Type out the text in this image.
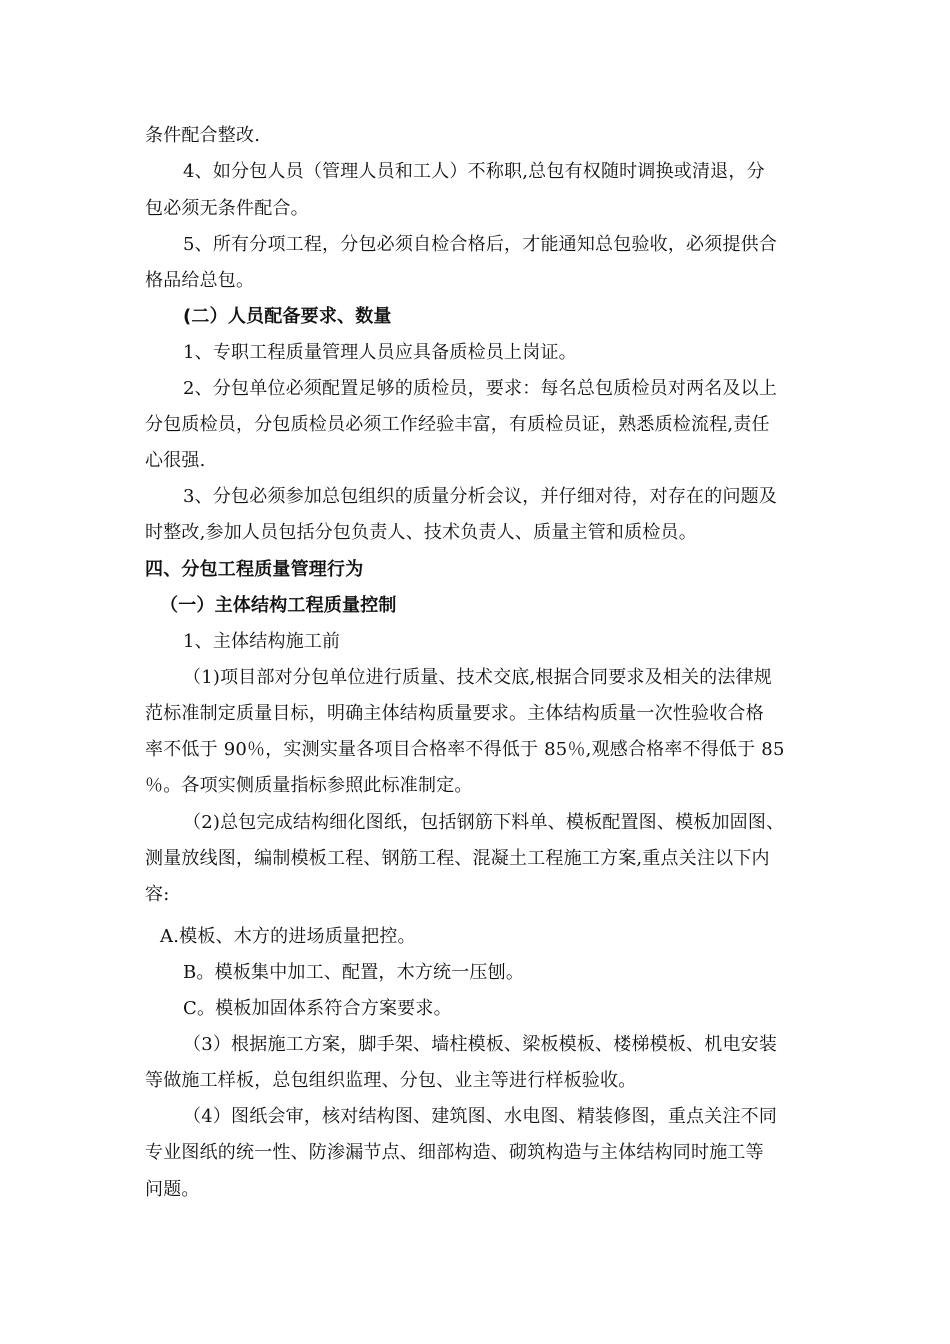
条件配合整改.
4、如分包人员（管理人员和工人）不称职,总包有权随时调换或清退，分
包必须无条件配合。
5、所有分项工程，分包必须自检合格后，才能通知总包验收，必须提供合
格品给总包。
(二）人员配备要求、数量
1、专职工程质量管理人员应具备质检员上岗证。
2、分包单位必须配置足够的质检员，要求：每名总包质检员对两名及以上
分包质检员，分包质检员必须工作经验丰富，有质检员证，熟悉质检流程,责任
心很强.
3、分包必须参加总包组织的质量分析会议，并仔细对待，对存在的问题及
时整改,参加人员包括分包负责人、技术负责人、质量主管和质检员。
四、分包工程质量管理行为
（一）主体结构工程质量控制
1、主体结构施工前
（1)项目部对分包单位进行质量、技术交底,根据合同要求及相关的法律规
范标准制定质量目标，明确主体结构质量要求。主体结构质量一次性验收合格
率不低于 90％，实测实量各项目合格率不得低于 85％,观感合格率不得低于 85
％。各项实侧质量指标参照此标准制定。
（2)总包完成结构细化图纸，包括钢筋下料单、模板配置图、模板加固图、
测量放线图，编制模板工程、钢筋工程、混凝土工程施工方案,重点关注以下内
容:
A.模板、木方的进场质量把控。
B。模板集中加工、配置，木方统一压刨。
C。模板加固体系符合方案要求。
（3）根据施工方案，脚手架、墙柱模板、梁板模板、楼梯模板、机电安装
等做施工样板，总包组织监理、分包、业主等进行样板验收。
（4）图纸会审，核对结构图、建筑图、水电图、精装修图，重点关注不同
专业图纸的统一性、防渗漏节点、细部构造、砌筑构造与主体结构同时施工等
问题。
